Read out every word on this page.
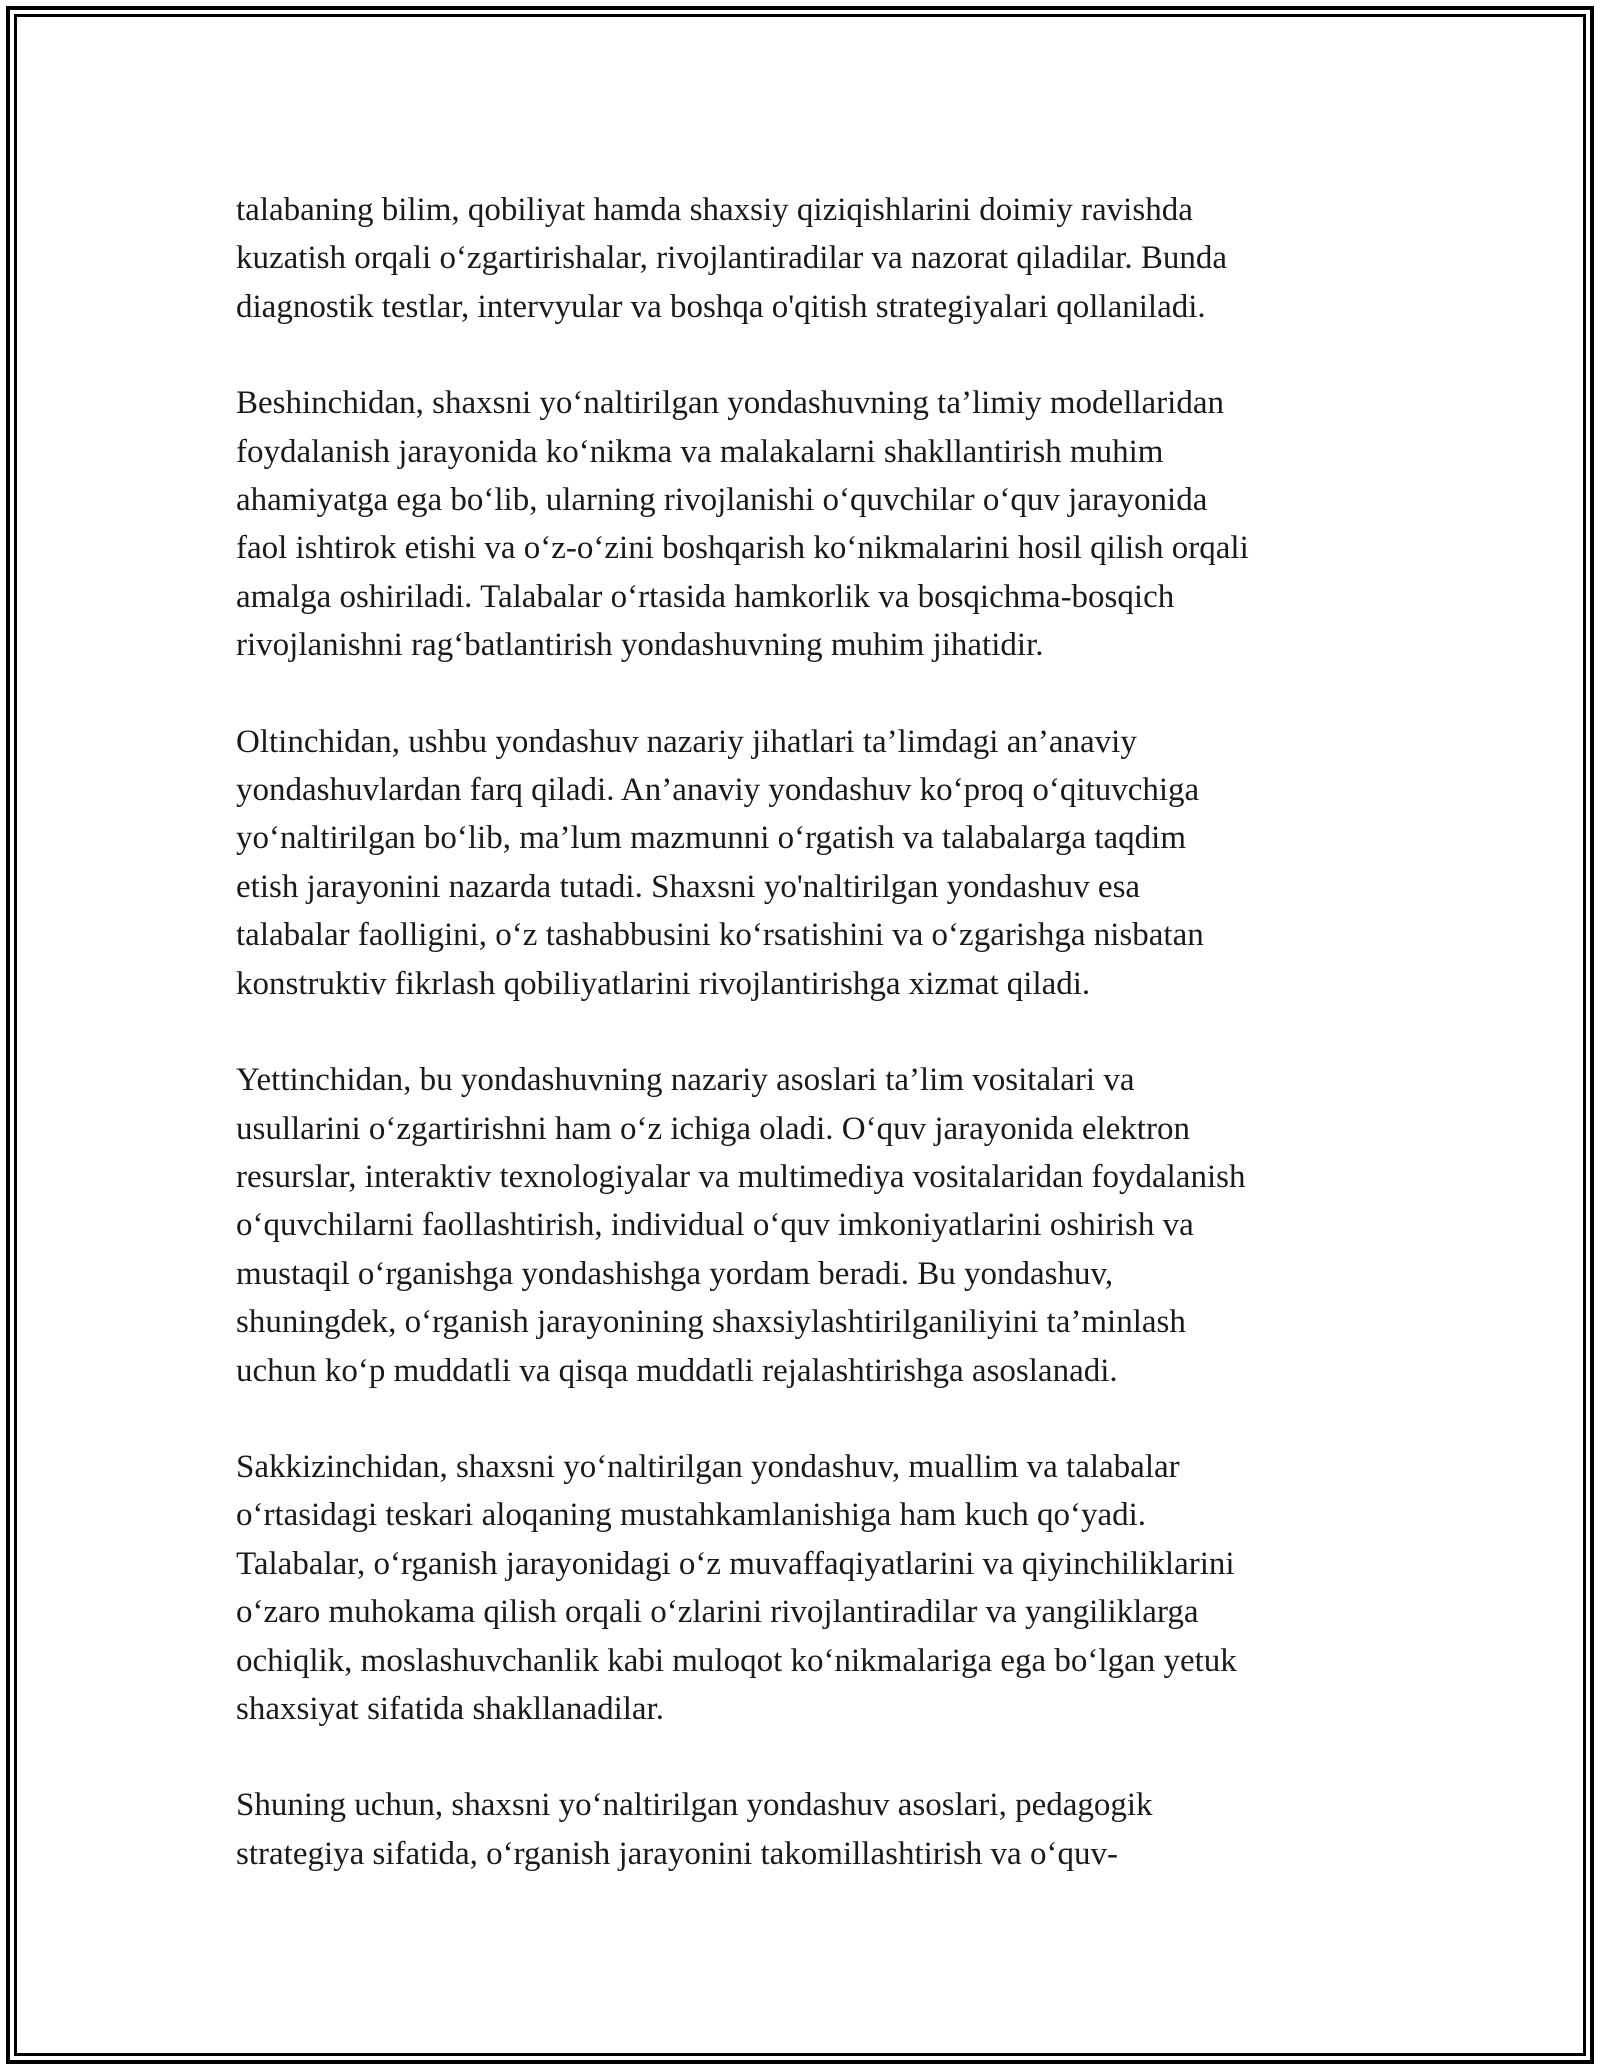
talabaning bilim, qobiliyat hamda shaxsiy qiziqishlarini doimiy ravishda
kuzatish orqali o‘zgartirishalar, rivojlantiradilar va nazorat qiladilar. Bunda
diagnostik testlar, intervyular va boshqa o'qitish strategiyalari qollaniladi.
Beshinchidan, shaxsni yo‘naltirilgan yondashuvning ta’limiy modellaridan
foydalanish jarayonida ko‘nikma va malakalarni shakllantirish muhim
ahamiyatga ega bo‘lib, ularning rivojlanishi o‘quvchilar o‘quv jarayonida
faol ishtirok etishi va o‘z-o‘zini boshqarish ko‘nikmalarini hosil qilish orqali
amalga oshiriladi. Talabalar o‘rtasida hamkorlik va bosqichma-bosqich
rivojlanishni rag‘batlantirish yondashuvning muhim jihatidir.
Oltinchidan, ushbu yondashuv nazariy jihatlari ta’limdagi an’anaviy
yondashuvlardan farq qiladi. An’anaviy yondashuv ko‘proq o‘qituvchiga
yo‘naltirilgan bo‘lib, ma’lum mazmunni o‘rgatish va talabalarga taqdim
etish jarayonini nazarda tutadi. Shaxsni yo'naltirilgan yondashuv esa
talabalar faolligini, o‘z tashabbusini ko‘rsatishini va o‘zgarishga nisbatan
konstruktiv fikrlash qobiliyatlarini rivojlantirishga xizmat qiladi.
Yettinchidan, bu yondashuvning nazariy asoslari ta’lim vositalari va
usullarini o‘zgartirishni ham o‘z ichiga oladi. O‘quv jarayonida elektron
resurslar, interaktiv texnologiyalar va multimediya vositalaridan foydalanish
o‘quvchilarni faollashtirish, individual o‘quv imkoniyatlarini oshirish va
mustaqil o‘rganishga yondashishga yordam beradi. Bu yondashuv,
shuningdek, o‘rganish jarayonining shaxsiylashtirilganiliyini ta’minlash
uchun ko‘p muddatli va qisqa muddatli rejalashtirishga asoslanadi.
Sakkizinchidan, shaxsni yo‘naltirilgan yondashuv, muallim va talabalar
o‘rtasidagi teskari aloqaning mustahkamlanishiga ham kuch qo‘yadi.
Talabalar, o‘rganish jarayonidagi o‘z muvaffaqiyatlarini va qiyinchiliklarini
o‘zaro muhokama qilish orqali o‘zlarini rivojlantiradilar va yangiliklarga
ochiqlik, moslashuvchanlik kabi muloqot ko‘nikmalariga ega bo‘lgan yetuk
shaxsiyat sifatida shakllanadilar.
Shuning uchun, shaxsni yo‘naltirilgan yondashuv asoslari, pedagogik
strategiya sifatida, o‘rganish jarayonini takomillashtirish va o‘quv-
